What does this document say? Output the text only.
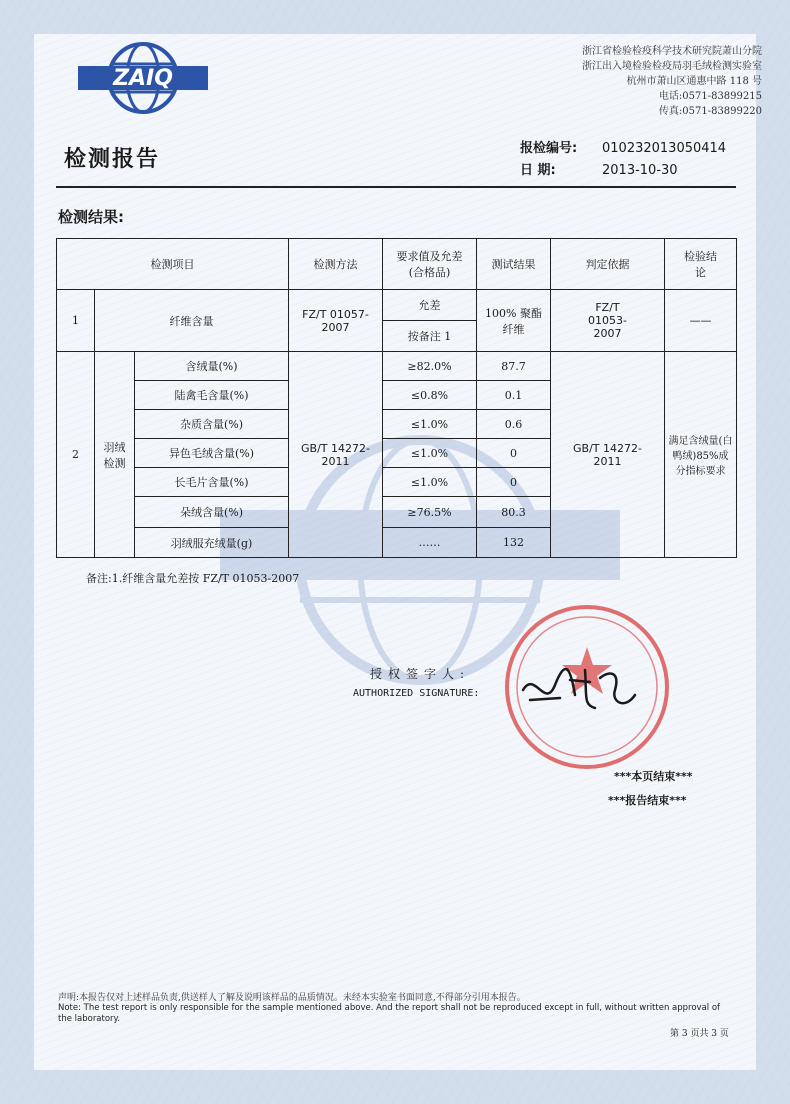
ZAIQ
浙江省检验检疫科学技术研究院萧山分院
浙江出入境检验检疫局羽毛绒检测实验室
杭州市萧山区通惠中路 118 号
电话:0571-83899215
传真:0571-83899220
检测报告	报检编号: 010232013050414
日 期:	2013-10-30
检测结果:
检测项目			检测方法	要求值及允差(合格品)	测试结果	判定依据	检验结论
1	纤维含量		FZ/T 01057-2007	允差	100% 聚酯纤维	FZ/T 01053-2007	——
				按备注 1			
2	羽绒检测	含绒量(%)	GB/T 14272-2011	≥82.0%	87.7	GB/T 14272-2011	满足含绒量(白鸭绒)85%成分指标要求
		陆禽毛含量(%)		≤0.8%	0.1		
		杂质含量(%)		≤1.0%	0.6		
		异色毛绒含量(%)		≤1.0%	0		
		长毛片含量(%)		≤1.0%	0		
		朵绒含量(%)		≥76.5%	80.3		
		羽绒服充绒量(g)		……	132		
备注:1.纤维含量允差按 FZ/T 01053-2007
授权签字人:
AUTHORIZED SIGNATURE:
***本页结束***
***报告结束***
声明:本报告仅对上述样品负责,供送样人了解及说明该样品的品质情况。未经本实验室书面同意,不得部分引用本报告。
Note: The test report is only responsible for the sample mentioned above. And the report shall not be reproduced except in full, without written approval of the laboratory.
第 3 页共 3 页
